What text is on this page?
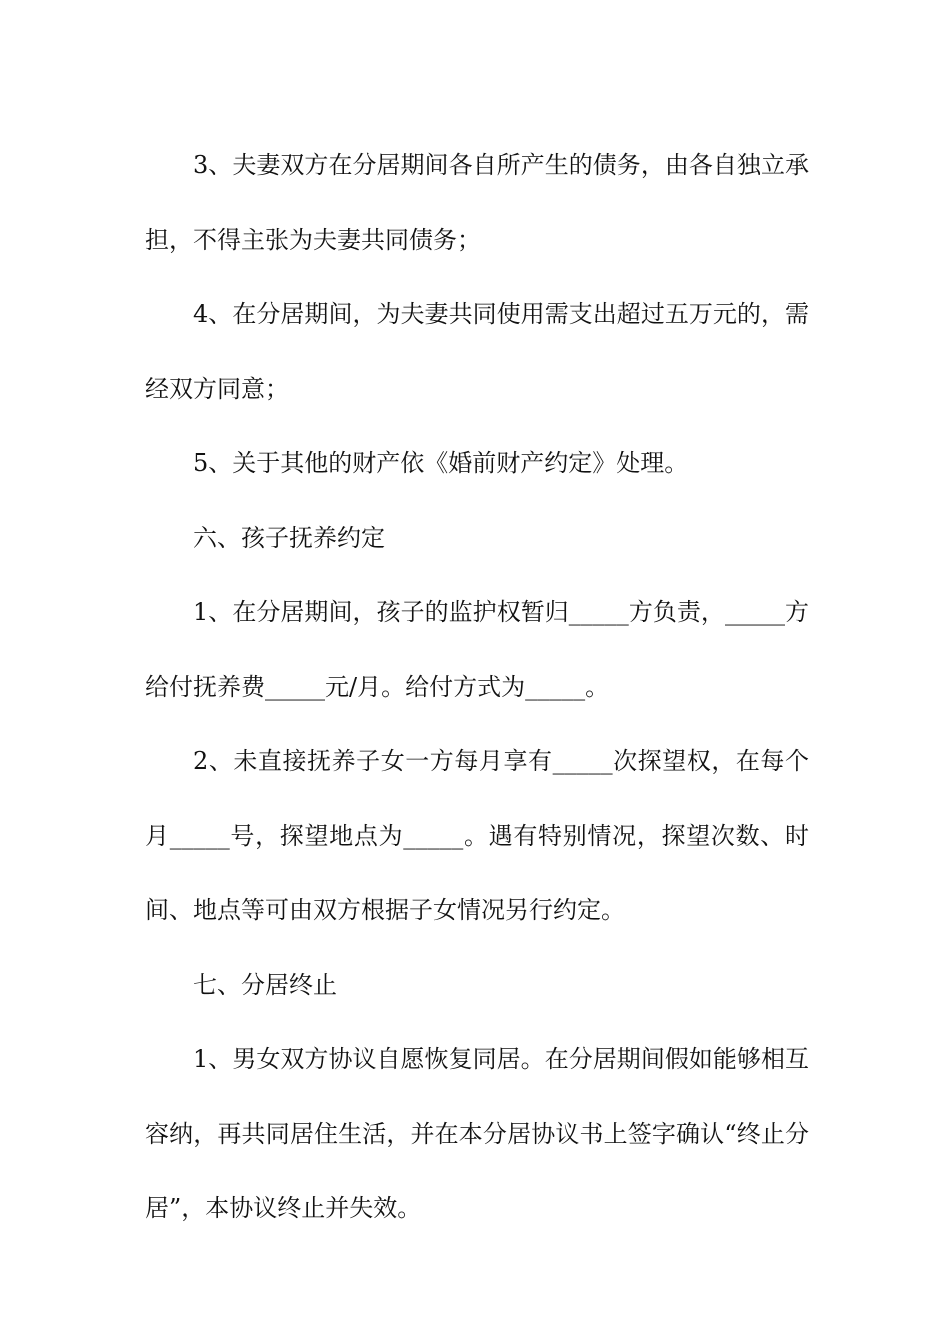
3、夫妻双方在分居期间各自所产生的债务，由各自独立承担，不得主张为夫妻共同债务；

4、在分居期间，为夫妻共同使用需支出超过五万元的，需经双方同意；

5、关于其他的财产依《婚前财产约定》处理。

六、孩子抚养约定

1、在分居期间，孩子的监护权暂归_____方负责，_____方给付抚养费_____元/月。给付方式为_____。

2、未直接抚养子女一方每月享有_____次探望权，在每个月_____号，探望地点为_____。遇有特别情况，探望次数、时间、地点等可由双方根据子女情况另行约定。

七、分居终止

1、男女双方协议自愿恢复同居。在分居期间假如能够相互容纳，再共同居住生活，并在本分居协议书上签字确认“终止分居”，本协议终止并失效。
